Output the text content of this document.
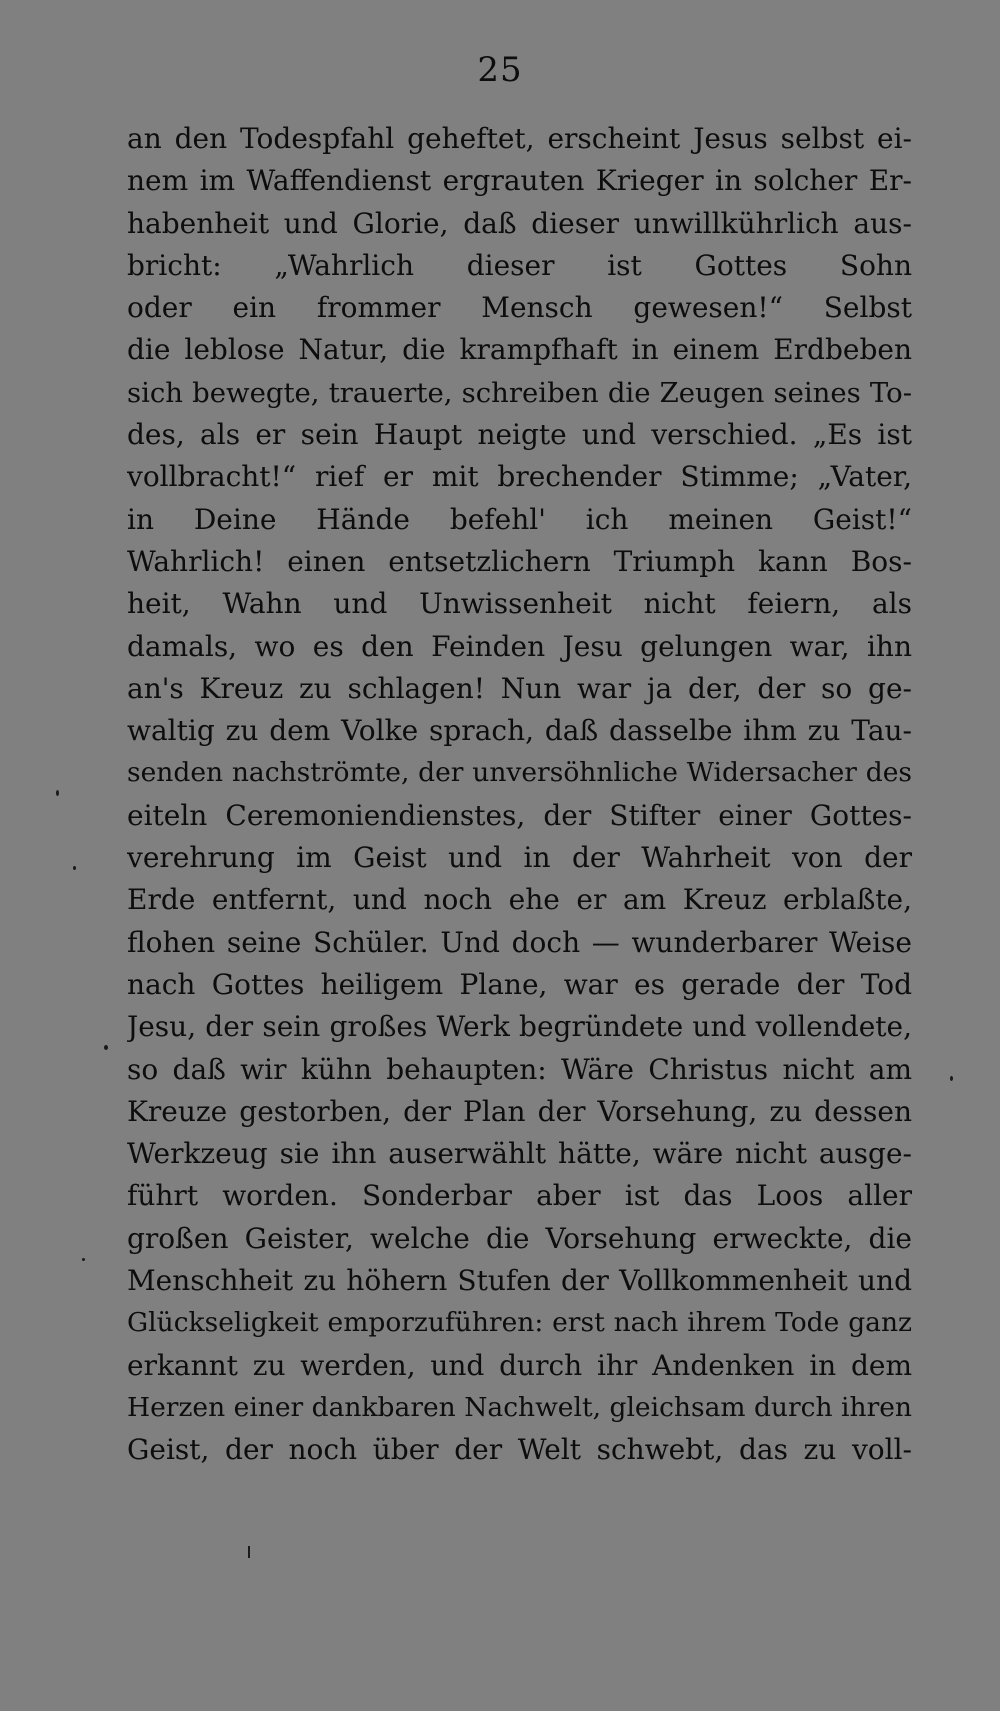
25
an den Todespfahl geheftet, erscheint Jesus selbst ei-
nem im Waffendienst ergrauten Krieger in solcher Er-
habenheit und Glorie, daß dieser unwillkührlich aus-
bricht: „Wahrlich dieser ist Gottes Sohn
oder ein frommer Mensch gewesen!“ Selbst
die leblose Natur, die krampfhaft in einem Erdbeben
sich bewegte, trauerte, schreiben die Zeugen seines To-
des, als er sein Haupt neigte und verschied. „Es ist
vollbracht!“ rief er mit brechender Stimme; „Vater,
in Deine Hände befehl' ich meinen Geist!“
Wahrlich! einen entsetzlichern Triumph kann Bos-
heit, Wahn und Unwissenheit nicht feiern, als
damals, wo es den Feinden Jesu gelungen war, ihn
an's Kreuz zu schlagen! Nun war ja der, der so ge-
waltig zu dem Volke sprach, daß dasselbe ihm zu Tau-
senden nachströmte, der unversöhnliche Widersacher des
eiteln Ceremoniendienstes, der Stifter einer Gottes-
verehrung im Geist und in der Wahrheit von der
Erde entfernt, und noch ehe er am Kreuz erblaßte,
flohen seine Schüler. Und doch — wunderbarer Weise
nach Gottes heiligem Plane, war es gerade der Tod
Jesu, der sein großes Werk begründete und vollendete,
so daß wir kühn behaupten: Wäre Christus nicht am
Kreuze gestorben, der Plan der Vorsehung, zu dessen
Werkzeug sie ihn auserwählt hätte, wäre nicht ausge-
führt worden. Sonderbar aber ist das Loos aller
großen Geister, welche die Vorsehung erweckte, die
Menschheit zu höhern Stufen der Vollkommenheit und
Glückseligkeit emporzuführen: erst nach ihrem Tode ganz
erkannt zu werden, und durch ihr Andenken in dem
Herzen einer dankbaren Nachwelt, gleichsam durch ihren
Geist, der noch über der Welt schwebt, das zu voll-
